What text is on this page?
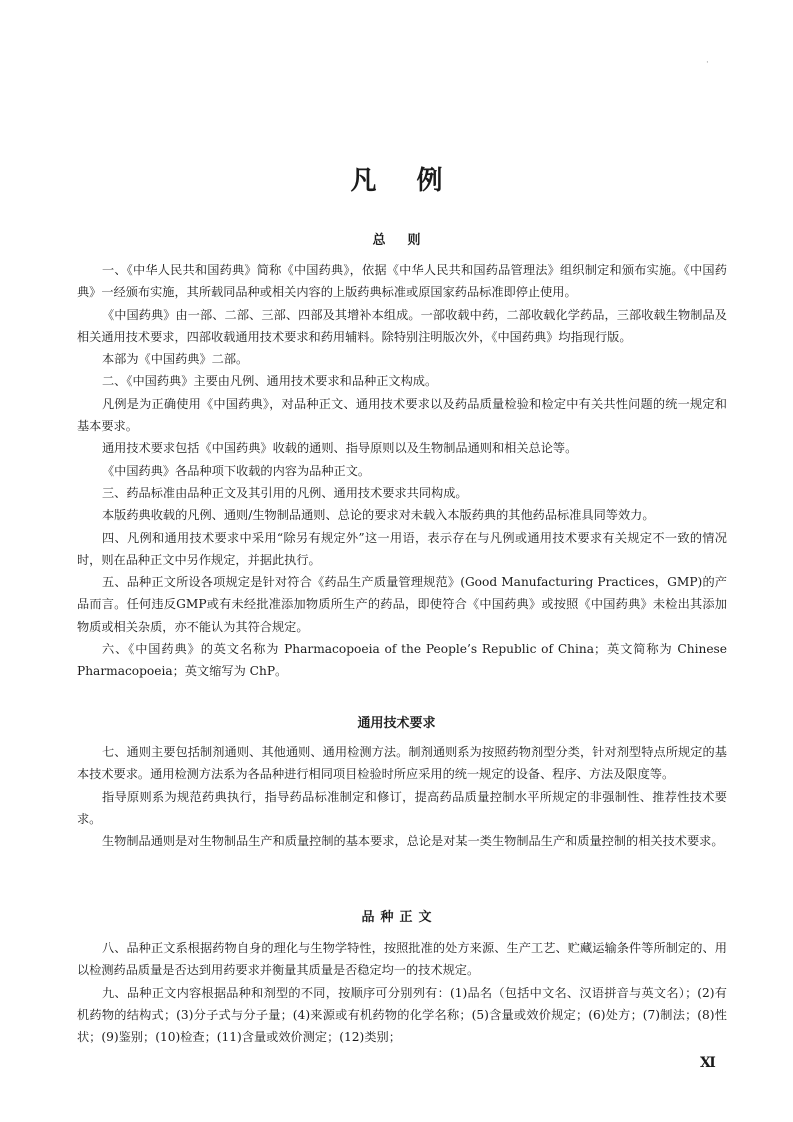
·
凡例
总则

一、《中华人民共和国药典》简称《中国药典》，依据《中华人民共和国药品管理法》组织制定和颁布实施。《中国药典》一经颁布实施，其所载同品种或相关内容的上版药典标准或原国家药品标准即停止使用。

《中国药典》由一部、二部、三部、四部及其增补本组成。一部收载中药，二部收载化学药品，三部收载生物制品及相关通用技术要求，四部收载通用技术要求和药用辅料。除特别注明版次外，《中国药典》均指现行版。

本部为《中国药典》二部。

二、《中国药典》主要由凡例、通用技术要求和品种正文构成。

凡例是为正确使用《中国药典》，对品种正文、通用技术要求以及药品质量检验和检定中有关共性问题的统一规定和基本要求。

通用技术要求包括《中国药典》收载的通则、指导原则以及生物制品通则和相关总论等。

《中国药典》各品种项下收载的内容为品种正文。

三、药品标准由品种正文及其引用的凡例、通用技术要求共同构成。

本版药典收载的凡例、通则/生物制品通则、总论的要求对未载入本版药典的其他药品标准具同等效力。

四、凡例和通用技术要求中采用“除另有规定外”这一用语，表示存在与凡例或通用技术要求有关规定不一致的情况时，则在品种正文中另作规定，并据此执行。

五、品种正文所设各项规定是针对符合《药品生产质量管理规范》(Good Manufacturing Practices，GMP)的产品而言。任何违反GMP或有未经批准添加物质所生产的药品，即使符合《中国药典》或按照《中国药典》未检出其添加物质或相关杂质，亦不能认为其符合规定。

六、《中国药典》的英文名称为 Pharmacopoeia of the People’s Republic of China；英文简称为 Chinese Pharmacopoeia；英文缩写为 ChP。

通用技术要求

七、通则主要包括制剂通则、其他通则、通用检测方法。制剂通则系为按照药物剂型分类，针对剂型特点所规定的基本技术要求。通用检测方法系为各品种进行相同项目检验时所应采用的统一规定的设备、程序、方法及限度等。

指导原则系为规范药典执行，指导药品标准制定和修订，提高药品质量控制水平所规定的非强制性、推荐性技术要求。

生物制品通则是对生物制品生产和质量控制的基本要求，总论是对某一类生物制品生产和质量控制的相关技术要求。

品种正文

八、品种正文系根据药物自身的理化与生物学特性，按照批准的处方来源、生产工艺、贮藏运输条件等所制定的、用以检测药品质量是否达到用药要求并衡量其质量是否稳定均一的技术规定。

九、品种正文内容根据品种和剂型的不同，按顺序可分别列有：(1)品名（包括中文名、汉语拼音与英文名）；(2)有机药物的结构式；(3)分子式与分子量；(4)来源或有机药物的化学名称；(5)含量或效价规定；(6)处方；(7)制法；(8)性状；(9)鉴别；(10)检查；(11)含量或效价测定；(12)类别；

Ⅺ
